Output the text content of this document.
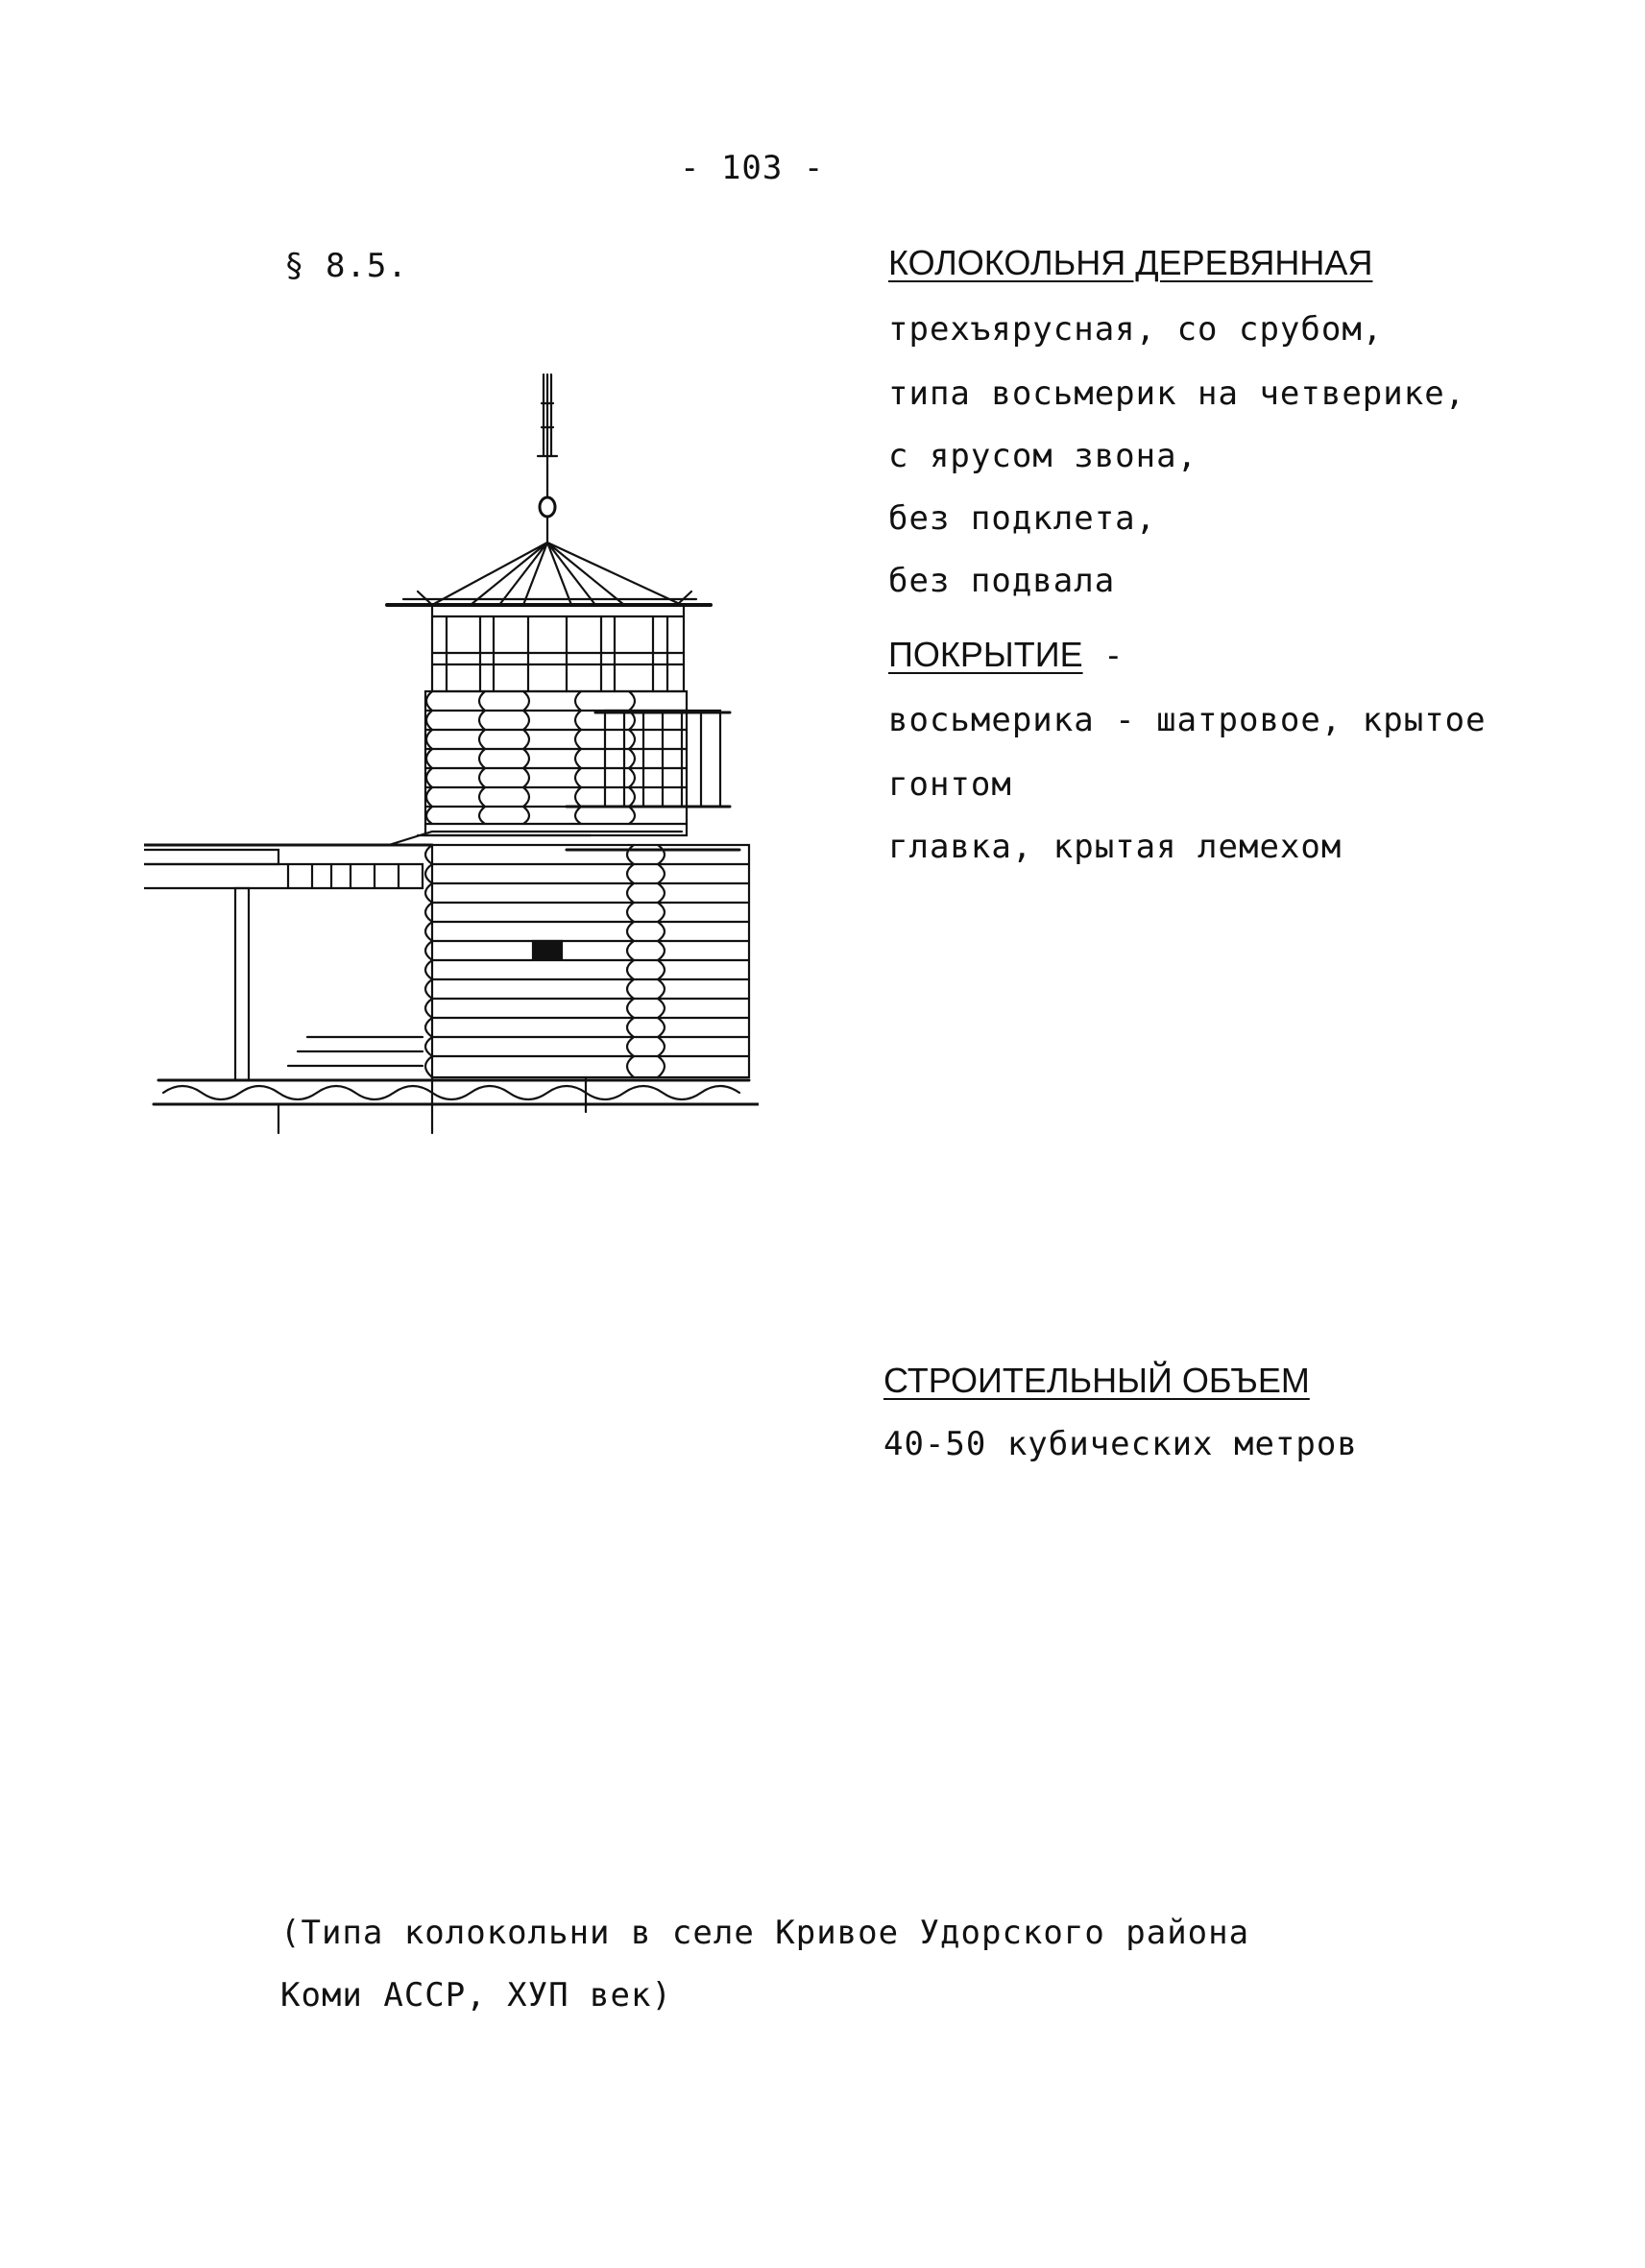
- 103 -
§ 8.5.	КОЛОКОЛЬНЯ ДЕРЕВЯННАЯ
трехъярусная, со срубом,
типа восьмерик на четверике,
с ярусом звона,
без подклета,
без подвала
ПОКРЫТИЕ -
восьмерика - шатровое, крытое
гонтом
главка, крытая лемехом
СТРОИТЕЛЬНЫЙ ОБЪЕМ
40-50 кубических метров
(Типа колокольни в селе Кривое Удорского района
Коми АССР, ХУП век)
